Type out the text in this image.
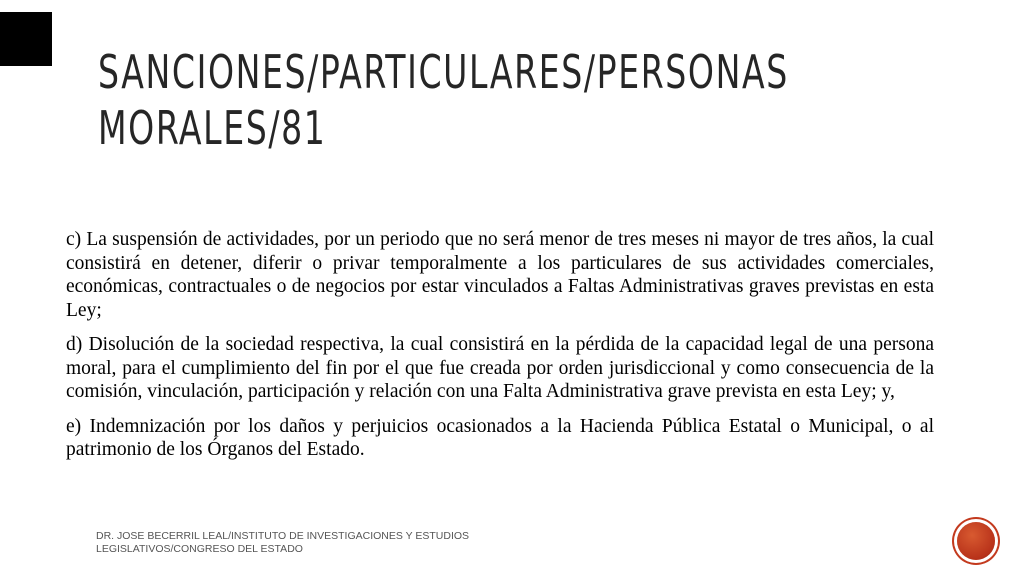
SANCIONES/PARTICULARES/PERSONAS
MORALES/81

c) La suspensión de actividades, por un periodo que no será menor de tres meses ni mayor de tres años, la cual consistirá en detener, diferir o privar temporalmente a los particulares de sus actividades comerciales, económicas, contractuales o de negocios por estar vinculados a Faltas Administrativas graves previstas en esta Ley;

d) Disolución de la sociedad respectiva, la cual consistirá en la pérdida de la capacidad legal de una persona moral, para el cumplimiento del fin por el que fue creada por orden jurisdiccional y como consecuencia de la comisión, vinculación, participación y relación con una Falta Administrativa grave prevista en esta Ley; y,

e) Indemnización por los daños y perjuicios ocasionados a la Hacienda Pública Estatal o Municipal, o al patrimonio de los Órganos del Estado.

DR. JOSE BECERRIL LEAL/INSTITUTO DE INVESTIGACIONES Y ESTUDIOS LEGISLATIVOS/CONGRESO DEL ESTADO
